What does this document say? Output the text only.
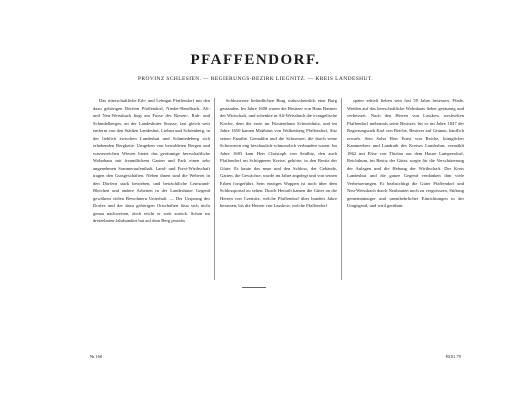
PFAFFENDORF.
PROVINZ SCHLESIEN. — REGIERUNGS-BEZIRK LIEGNITZ. — KREIS LANDESHUT.

Das ritterschaftliche Erb- und Lehngut Pfaffendorf mit den dazu gehörigen Dörfern Pfaffendorf, Nieder-Haselbach, Alt- und Neu-Weissbach liegt am Fusse des Riesen-, Rab- und Schindelberges, an der Landeshuter Strasse, fast gleich weit entfernt von den Städten Landeshut, Liebau und Schömberg, in der lieblich zwischen Landeshut und Schmiedeberg sich erhebenden Bergkette. Umgeben von bewaldeten Bergen und wasserreichen Wiesen bietet das geräumige herrschaftliche Wohnhaus mit freundlichem Garten und Park einen sehr angenehmen Sommeraufenthalt. Land- und Forst-Wirthschaft tragen den Gutsgeschäften. Neben ihnen sind die Weberei in den Dörfern stark betrieben, und beträchtliche Leinwand-Bleichen und andere Arbeiten in der Landeshuter Gegend gewähren vielen Bewohnern Unterhalt. — Der Ursprung des Dorfes und der dazu gehörigen Ortschaften lässt sich nicht genau nachweisen, doch reicht er weit zurück. Schon im dreizehnten Jahrhundert hat auf dem Berg jenseits

Schlossreste befindlichen Burg wahrscheinlich eine Burg gestanden. Im Jahre 1608 waren die Besitzer von Hans Bastner der Wirtschaft, und schenkte in Alt-Weissbach die evangelische Kirche, dem die erste im Fürstenthum Schweidnitz, und im Jahre 1650 kamen Matthäus von Walkenberg Pfaffendorf, Sitz seiner Familie. Gemahlin und die Schwester, die durch seine Schwestern eng beschaulich-schmerzlich verbunden waren. Im Jahre 1683 kam Herr Christoph von Seidlitz, den auch Pfaffendorf im Schöppener Kreise, gehörte, in den Besitz der Güter. Er baute das neue und den Schloss, der Gebäude, Garten, die Gewächse, wurde im Jahre angelegt und von seinen Erben fortgeführt. Sein einziges Wappen ist noch über dem Schlossportal zu sehen. Durch Heirath kamen die Güter an die Herren von Czettritz, welche Pfaffendorf über hundert Jahre besassen, bis die Herren von Lasskow, welche Pfaffendorf

später erhielt lieben sein fast 50 Jahre besessen, Pfade, Weiden auf das herrschaftliche Wohnhaus lieber geräumig und verbessert. Nach den Herren von Lasskow wechselten Pfaffendorf mehrmals seine Besitzer, bis es im Jahre 1847 der Regierungsrath Karl von Reiche, Besitzer auf Grunau, käuflich erwarb. Sein Sohn Herr Ernst von Reiche, königlicher Kammerherr und Landrath des Kreises Landeshut, vermählt 1862 mit Elise von Thielau aus dem Hause Lampersdorf, Reichthum, im Besitz der Güter, sorgte für die Verschönerung der Anlagen und die Hebung der Wirthschaft. Der Kreis Landeshut und die ganze Gegend verdanken ihm viele Verbesserungen. Er beabsichtigt die Güter Pfaffendorf und Neu-Weissbach durch Neubauten noch zu vergrössern, Stiftung gemeinnütziger und unentbehrlicher Einrichtungen in der Umgegend, und wird gerühmt.

№ 160	BOG 79
